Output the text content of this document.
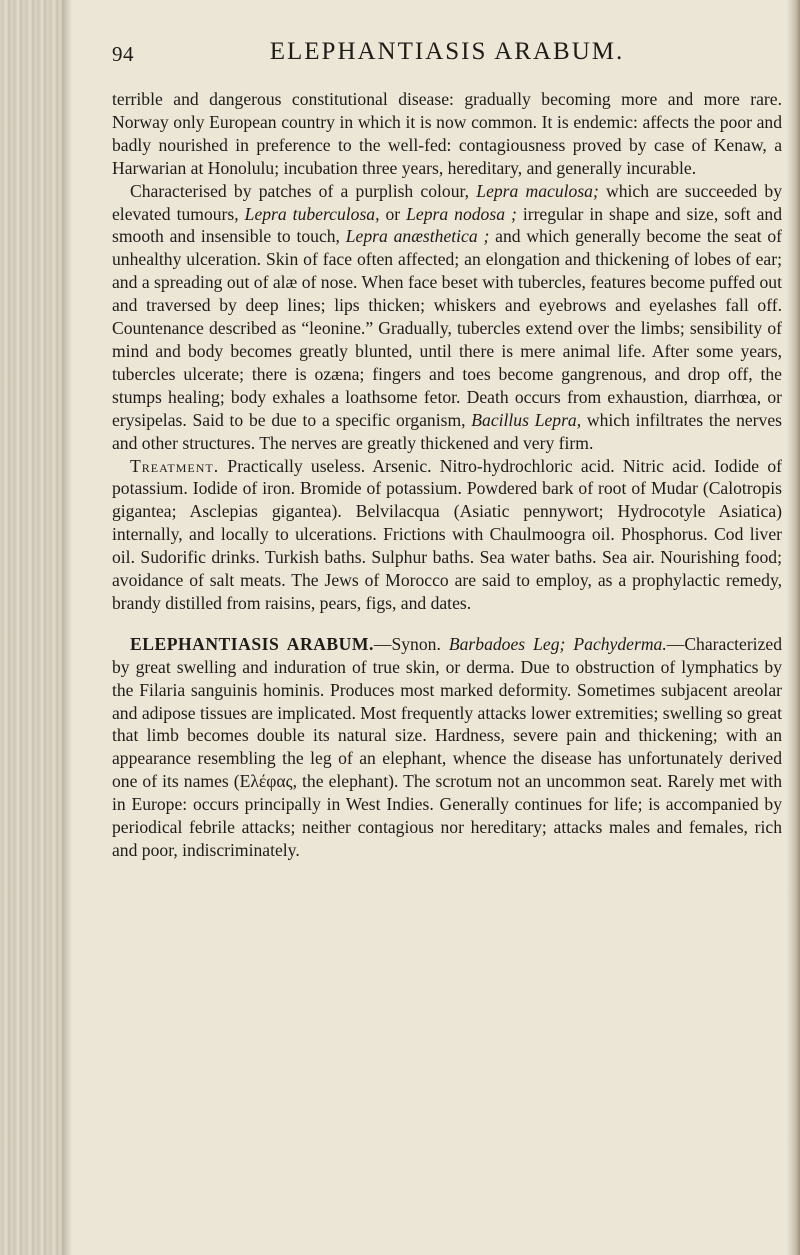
94	ELEPHANTIASIS ARABUM.

terrible and dangerous constitutional disease: gradually becoming more and more rare. Norway only European country in which it is now common. It is endemic: affects the poor and badly nourished in preference to the well-fed: contagiousness proved by case of Kenaw, a Harwarian at Honolulu; incubation three years, hereditary, and generally incurable.

Characterised by patches of a purplish colour, Lepra maculosa; which are succeeded by elevated tumours, Lepra tuberculosa, or Lepra nodosa ; irregular in shape and size, soft and smooth and insensible to touch, Lepra anæsthetica ; and which generally become the seat of unhealthy ulceration. Skin of face often affected; an elongation and thickening of lobes of ear; and a spreading out of alæ of nose. When face beset with tubercles, features become puffed out and traversed by deep lines; lips thicken; whiskers and eyebrows and eyelashes fall off. Countenance described as “leonine.” Gradually, tubercles extend over the limbs; sensibility of mind and body becomes greatly blunted, until there is mere animal life. After some years, tubercles ulcerate; there is ozæna; fingers and toes become gangrenous, and drop off, the stumps healing; body exhales a loathsome fetor. Death occurs from exhaustion, diarrhœa, or erysipelas. Said to be due to a specific organism, Bacillus Lepra, which infiltrates the nerves and other structures. The nerves are greatly thickened and very firm.

Treatment. Practically useless. Arsenic. Nitro-hydrochloric acid. Nitric acid. Iodide of potassium. Iodide of iron. Bromide of potassium. Powdered bark of root of Mudar (Calotropis gigantea; Asclepias gigantea). Belvilacqua (Asiatic pennywort; Hydrocotyle Asiatica) internally, and locally to ulcerations. Frictions with Chaulmoogra oil. Phosphorus. Cod liver oil. Sudorific drinks. Turkish baths. Sulphur baths. Sea water baths. Sea air. Nourishing food; avoidance of salt meats. The Jews of Morocco are said to employ, as a prophylactic remedy, brandy distilled from raisins, pears, figs, and dates.

ELEPHANTIASIS ARABUM.—Synon. Barbadoes Leg; Pachyderma.—Characterized by great swelling and induration of true skin, or derma. Due to obstruction of lymphatics by the Filaria sanguinis hominis. Produces most marked deformity. Sometimes subjacent areolar and adipose tissues are implicated. Most frequently attacks lower extremities; swelling so great that limb becomes double its natural size. Hardness, severe pain and thickening; with an appearance resembling the leg of an elephant, whence the disease has unfortunately derived one of its names (Ελέφας, the elephant). The scrotum not an uncommon seat. Rarely met with in Europe: occurs principally in West Indies. Generally continues for life; is accompanied by periodical febrile attacks; neither contagious nor hereditary; attacks males and females, rich and poor, indiscriminately.
